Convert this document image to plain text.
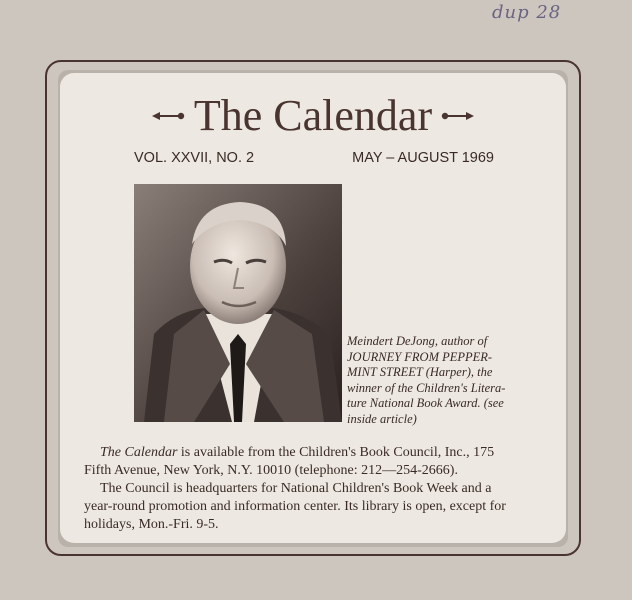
dup 28
The Calendar
VOL. XXVII, NO. 2	MAY – AUGUST 1969
Meindert DeJong, author of
JOURNEY FROM PEPPER-
MINT STREET (Harper), the
winner of the Children's Litera-
ture National Book Award. (see
inside article)
The Calendar is available from the Children's Book Council, Inc., 175
Fifth Avenue, New York, N.Y. 10010 (telephone: 212—254-2666).
The Council is headquarters for National Children's Book Week and a
year-round promotion and information center. Its library is open, except for
holidays, Mon.-Fri. 9-5.
